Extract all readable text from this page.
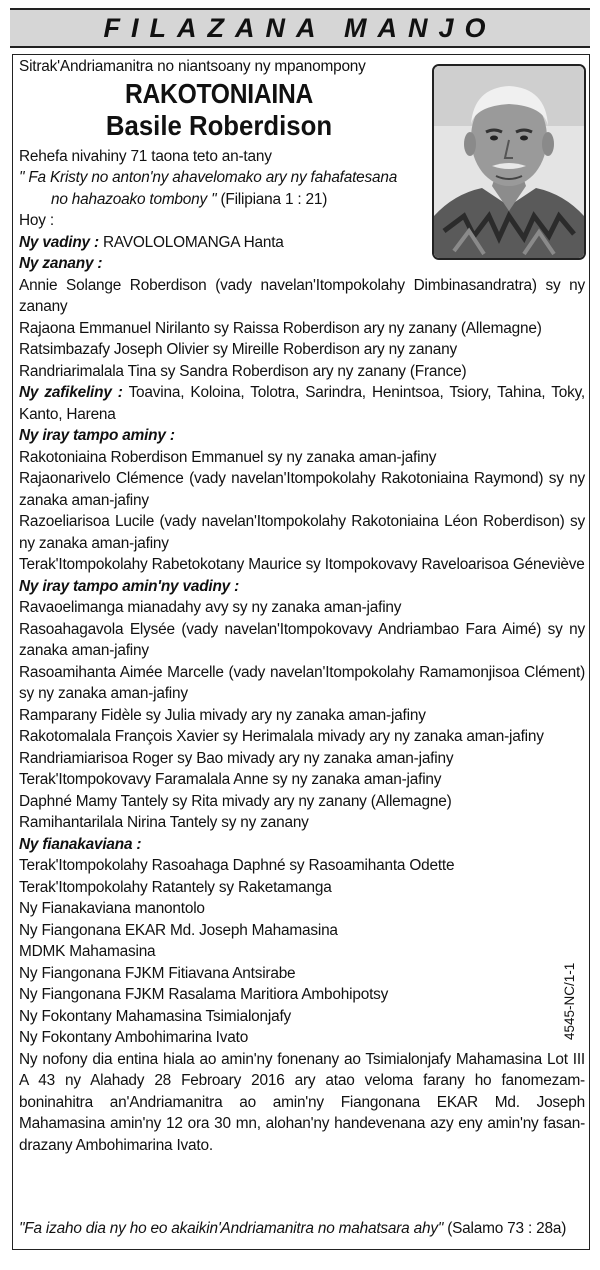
FILAZANA MANJO

Sitrak'Andriamanitra no niantsoany ny mpanompony

RAKOTONIAINA

Basile Roberdison

Rehefa nivahiny 71 taona teto an-tany

" Fa Kristy no anton'ny ahavelomako ary ny fahafatesana

no hahazoako tombony " (Filipiana 1 : 21)

Hoy :

Ny vadiny : RAVOLOLOMANGA Hanta

Ny zanany :

Annie Solange Roberdison (vady navelan'Itompokolahy Dimbinasandratra) sy ny zanany

Rajaona Emmanuel Nirilanto sy Raissa Roberdison ary ny zanany (Allemagne)

Ratsimbazafy Joseph Olivier sy Mireille Roberdison ary ny zanany

Randriarimalala Tina sy Sandra Roberdison ary ny zanany (France)

Ny zafikeliny : Toavina, Koloina, Tolotra, Sarindra, Henintsoa, Tsiory, Tahina, Toky, Kanto, Harena

Ny iray tampo aminy :

Rakotoniaina Roberdison Emmanuel sy ny zanaka aman-jafiny

Rajaonarivelo Clémence (vady navelan'Itompokolahy Rakotoniaina Raymond) sy ny zanaka aman-jafiny

Razoeliarisoa Lucile (vady navelan'Itompokolahy Rakotoniaina Léon Roberdison) sy ny zanaka aman-jafiny

Terak'Itompokolahy Rabetokotany Maurice sy Itompokovavy Raveloarisoa Géneviève

Ny iray tampo amin'ny vadiny :

Ravaoelimanga mianadahy avy sy ny zanaka aman-jafiny

Rasoahagavola Elysée (vady navelan'Itompokovavy Andriambao Fara Aimé) sy ny zanaka aman-jafiny

Rasoamihanta Aimée Marcelle (vady navelan'Itompokolahy Ramamonjisoa Clément) sy ny zanaka aman-jafiny

Ramparany Fidèle sy Julia mivady ary ny zanaka aman-jafiny

Rakotomalala François Xavier sy Herimalala mivady ary ny zanaka aman-jafiny

Randriamiarisoa Roger sy Bao mivady ary ny zanaka aman-jafiny

Terak'Itompokovavy Faramalala Anne sy ny zanaka aman-jafiny

Daphné Mamy Tantely sy Rita mivady ary ny zanany (Allemagne)

Ramihantarilala Nirina Tantely sy ny zanany

Ny fianakaviana :

Terak'Itompokolahy Rasoahaga Daphné sy Rasoamihanta Odette

Terak'Itompokolahy Ratantely sy Raketamanga

Ny Fianakaviana manontolo

Ny Fiangonana EKAR Md. Joseph Mahamasina

MDMK Mahamasina

Ny Fiangonana FJKM Fitiavana Antsirabe

Ny Fiangonana FJKM Rasalama Maritiora Ambohipotsy

Ny Fokontany Mahamasina Tsimialonjafy

Ny Fokontany Ambohimarina Ivato

Ny nofony dia entina hiala ao amin'ny fonenany ao Tsimialonjafy Mahamasina Lot III A 43 ny Alahady 28 Febroary 2016 ary atao veloma farany ho fanomezam-boninahitra an'Andriamanitra ao amin'ny Fiangonana EKAR Md. Joseph Mahamasina amin'ny 12 ora 30 mn, alohan'ny handevenana azy eny amin'ny fasan-drazany Ambohimarina Ivato.

"Fa izaho dia ny ho eo akaikin'Andriamanitra no mahatsara ahy" (Salamo 73 : 28a)
4545-NC/1-1
